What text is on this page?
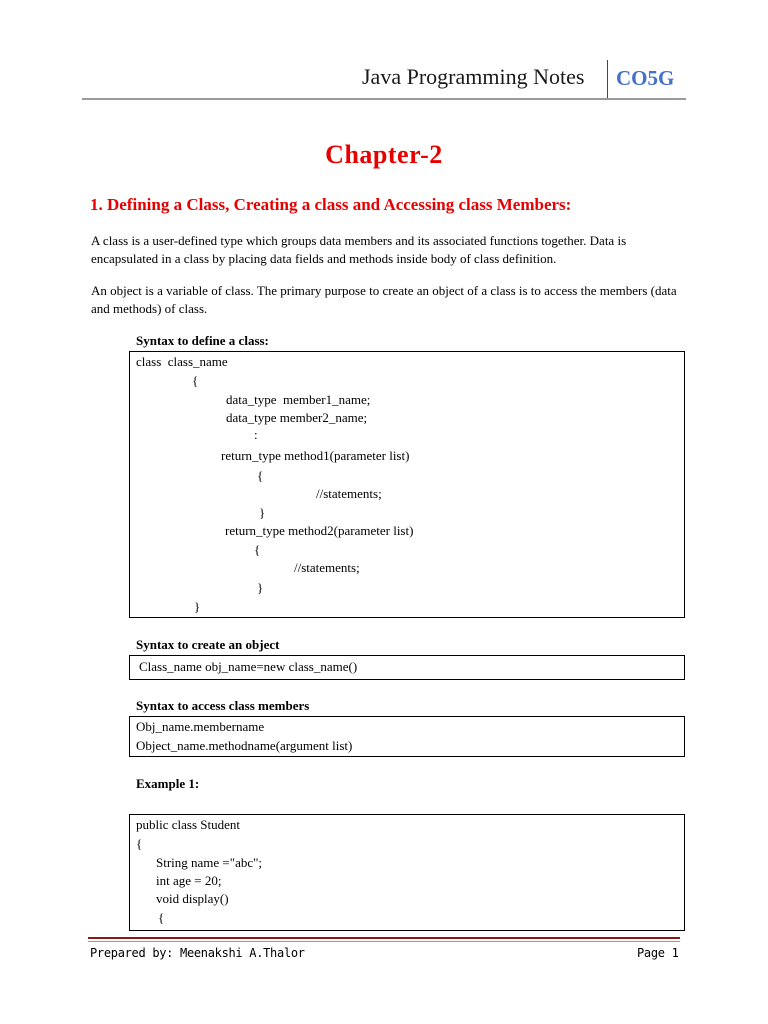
Java Programming Notes CO5G
Chapter-2
1. Defining a Class, Creating a class and Accessing class Members:
A class is a user-defined type which groups data members and its associated functions together. Data is encapsulated in a class by placing data fields and methods inside body of class definition.
An object is a variable of class. The primary purpose to create an object of a class is to access the members (data and methods) of class.
Syntax to define a class:
class  class_name
{
data_type  member1_name;
data_type member2_name;
:
return_type method1(parameter list)
{
//statements;
}
return_type method2(parameter list)
{
//statements;
}
}
Syntax to create an object
Class_name obj_name=new class_name()
Syntax to access class members
Obj_name.membername
Object_name.methodname(argument list)
Example 1:
public class Student
{
String name ="abc";
int age = 20;
void display()
{
Prepared by: Meenakshi A.Thalor	Page 1
